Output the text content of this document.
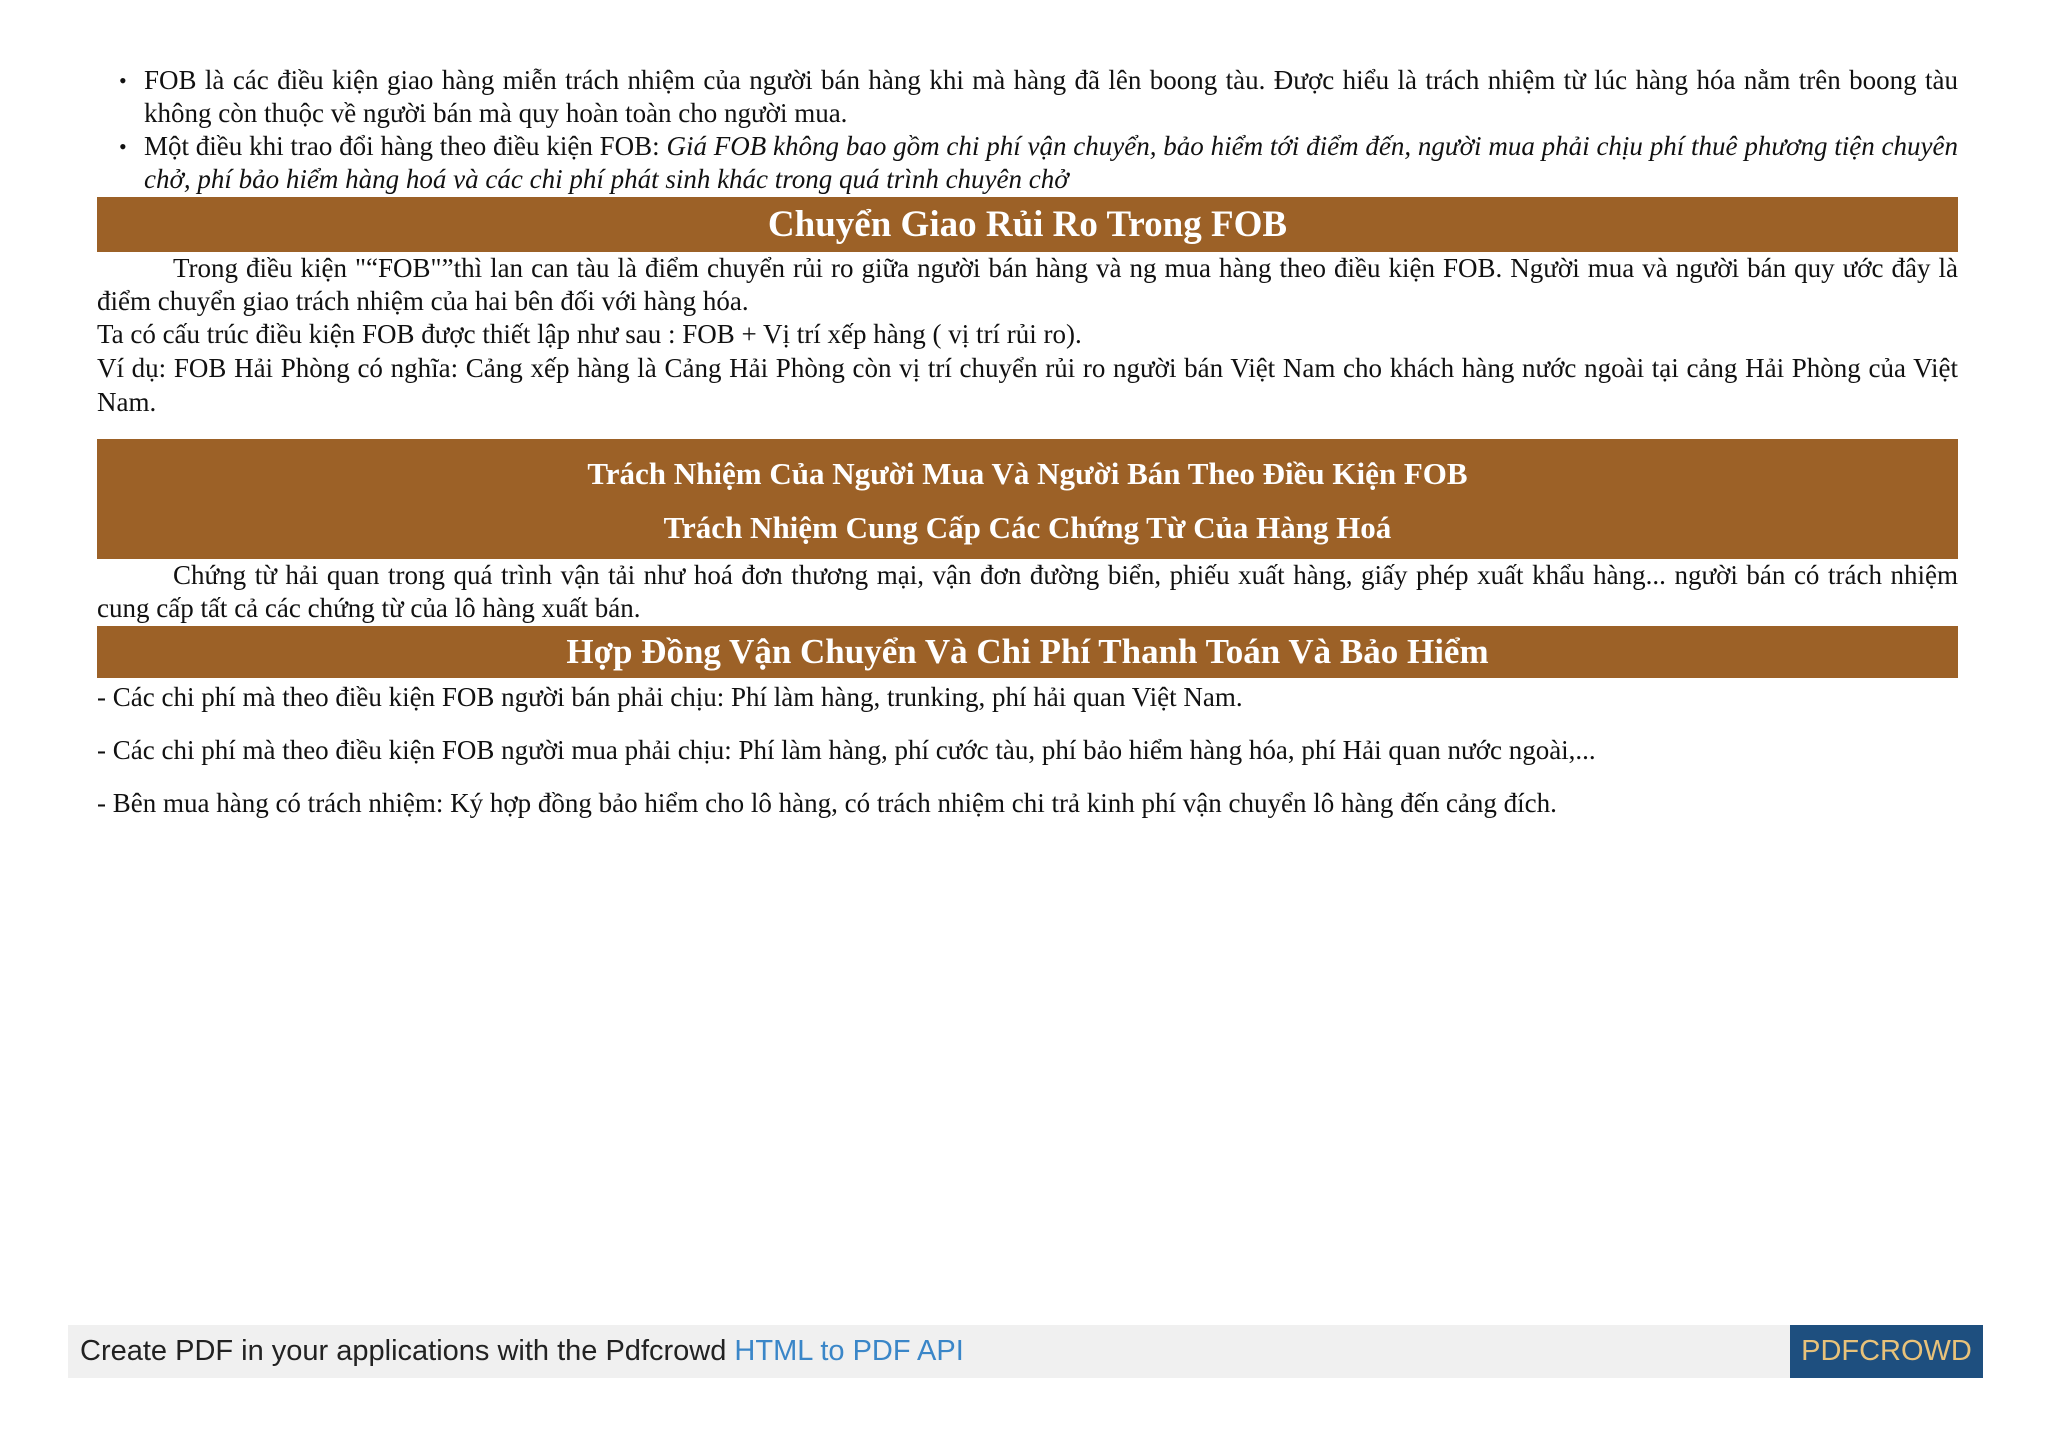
• FOB là các điều kiện giao hàng miễn trách nhiệm của người bán hàng khi mà hàng đã lên boong tàu. Được hiểu là trách nhiệm từ lúc hàng hóa nằm trên boong tàu không còn thuộc về người bán mà quy hoàn toàn cho người mua.
• Một điều khi trao đổi hàng theo điều kiện FOB: Giá FOB không bao gồm chi phí vận chuyển, bảo hiểm tới điểm đến, người mua phải chịu phí thuê phương tiện chuyên chở, phí bảo hiểm hàng hoá và các chi phí phát sinh khác trong quá trình chuyên chở
Chuyển Giao Rủi Ro Trong FOB

Trong điều kiện "“FOB"”thì lan can tàu là điểm chuyển rủi ro giữa người bán hàng và ng mua hàng theo điều kiện FOB. Người mua và người bán quy ước đây là điểm chuyển giao trách nhiệm của hai bên đối với hàng hóa.

Ta có cấu trúc điều kiện FOB được thiết lập như sau : FOB + Vị trí xếp hàng ( vị trí rủi ro).

Ví dụ: FOB Hải Phòng có nghĩa: Cảng xếp hàng là Cảng Hải Phòng còn vị trí chuyển rủi ro người bán Việt Nam cho khách hàng nước ngoài tại cảng Hải Phòng của Việt Nam.

Trách Nhiệm Của Người Mua Và Người Bán Theo Điều Kiện FOB
Trách Nhiệm Cung Cấp Các Chứng Từ Của Hàng Hoá

Chứng từ hải quan trong quá trình vận tải như hoá đơn thương mại, vận đơn đường biển, phiếu xuất hàng, giấy phép xuất khẩu hàng... người bán có trách nhiệm cung cấp tất cả các chứng từ của lô hàng xuất bán.

Hợp Đồng Vận Chuyển Và Chi Phí Thanh Toán Và Bảo Hiểm

- Các chi phí mà theo điều kiện FOB người bán phải chịu: Phí làm hàng, trunking, phí hải quan Việt Nam.

- Các chi phí mà theo điều kiện FOB người mua phải chịu: Phí làm hàng, phí cước tàu, phí bảo hiểm hàng hóa, phí Hải quan nước ngoài,...

- Bên mua hàng có trách nhiệm: Ký hợp đồng bảo hiểm cho lô hàng, có trách nhiệm chi trả kinh phí vận chuyển lô hàng đến cảng đích.

Create PDF in your applications with the Pdfcrowd HTML to PDF API	PDFCROWD
